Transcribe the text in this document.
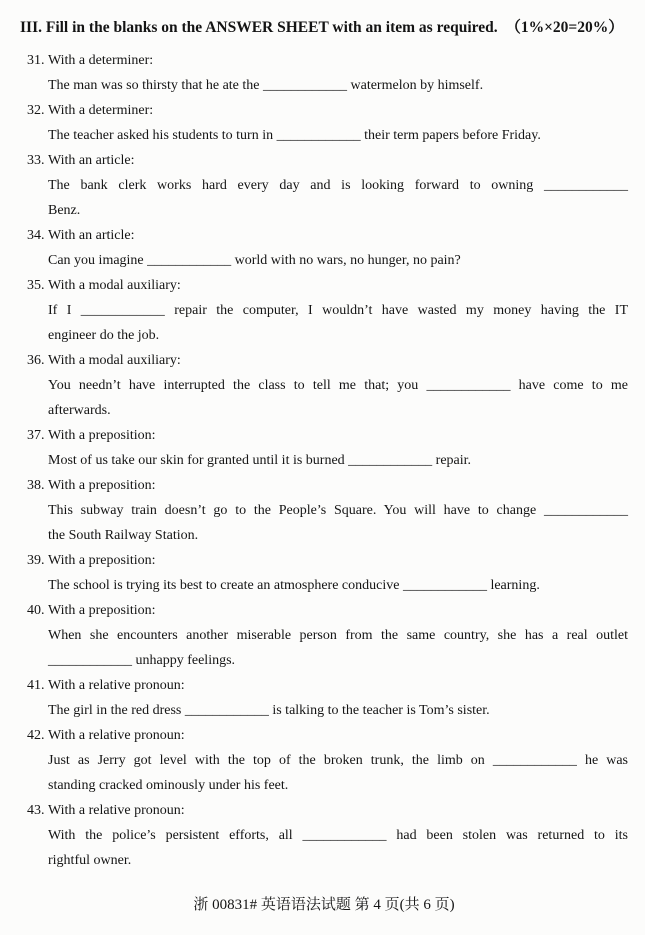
III. Fill in the blanks on the ANSWER SHEET with an item as required.　（1%×20=20%）
31. With a determiner:
The man was so thirsty that he ate the ____________ watermelon by himself.
32. With a determiner:
The teacher asked his students to turn in ____________ their term papers before Friday.
33. With an article:
The bank clerk works hard every day and is looking forward to owning ____________
Benz.
34. With an article:
Can you imagine ____________ world with no wars, no hunger, no pain?
35. With a modal auxiliary:
If I ____________ repair the computer, I wouldn’t have wasted my money having the IT
engineer do the job.
36. With a modal auxiliary:
You needn’t have interrupted the class to tell me that; you ____________ have come to me
afterwards.
37. With a preposition:
Most of us take our skin for granted until it is burned ____________ repair.
38. With a preposition:
This subway train doesn’t go to the People’s Square. You will have to change ____________
the South Railway Station.
39. With a preposition:
The school is trying its best to create an atmosphere conducive ____________ learning.
40. With a preposition:
When she encounters another miserable person from the same country, she has a real outlet
____________ unhappy feelings.
41. With a relative pronoun:
The girl in the red dress ____________ is talking to the teacher is Tom’s sister.
42. With a relative pronoun:
Just as Jerry got level with the top of the broken trunk, the limb on ____________ he was
standing cracked ominously under his feet.
43. With a relative pronoun:
With the police’s persistent efforts, all ____________ had been stolen was returned to its
rightful owner.
浙 00831# 英语语法试题 第 4 页(共 6 页)
